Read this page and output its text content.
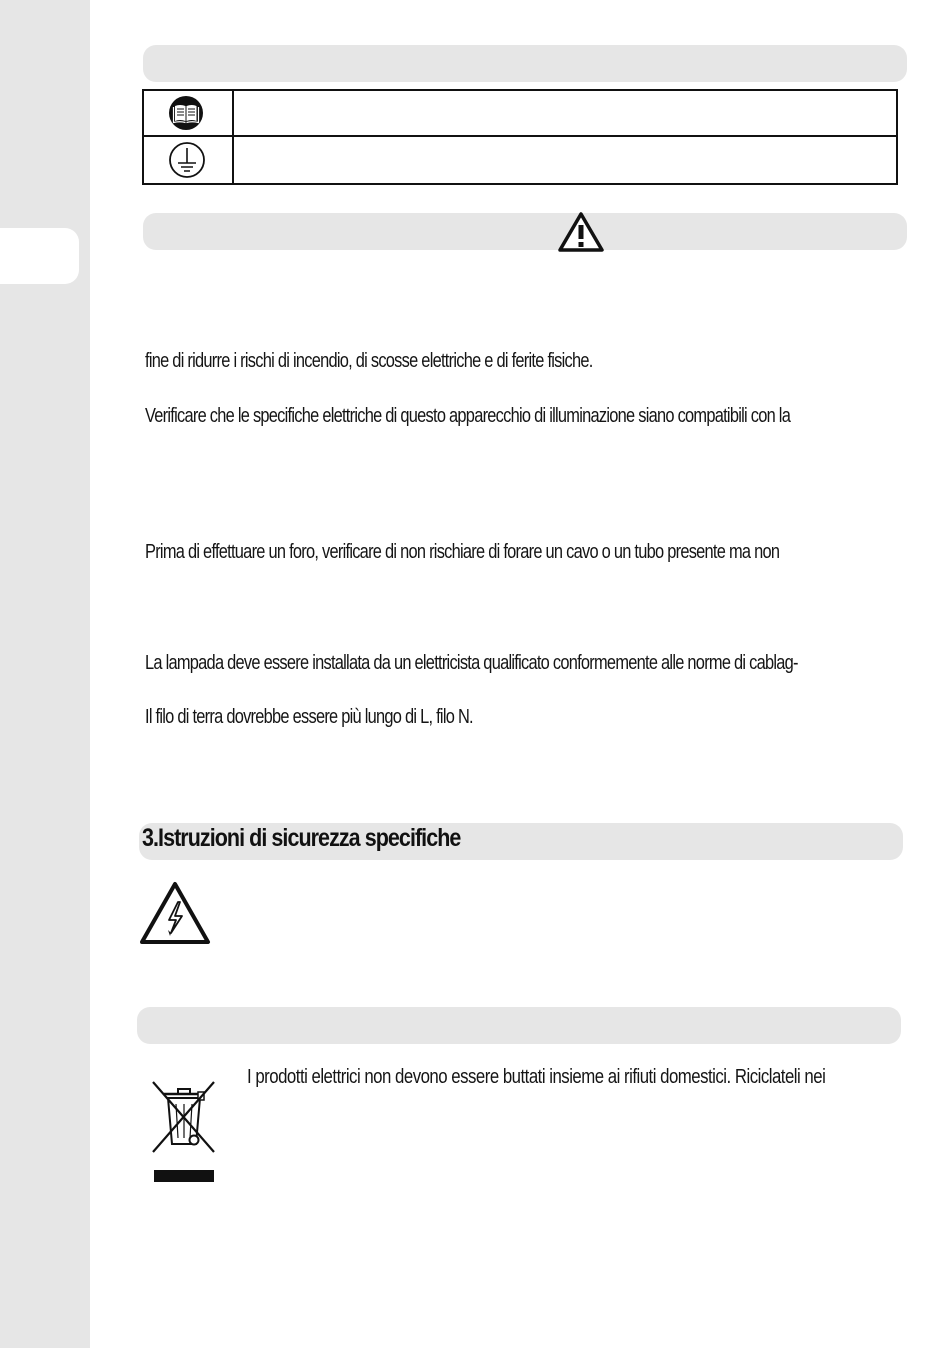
fine di ridurre i rischi di incendio, di scosse elettriche e di ferite fisiche.
Verificare che le specifiche elettriche di questo apparecchio di illuminazione siano compatibili con la
Prima di effettuare un foro, verificare di non rischiare di forare un cavo o un tubo presente ma non
La lampada deve essere installata da un elettricista qualificato conformemente alle norme di cablag-
Il filo di terra dovrebbe essere più lungo di L, filo N.
3.Istruzioni di sicurezza specifiche
I prodotti elettrici non devono essere buttati insieme ai rifiuti domestici. Riciclateli nei
